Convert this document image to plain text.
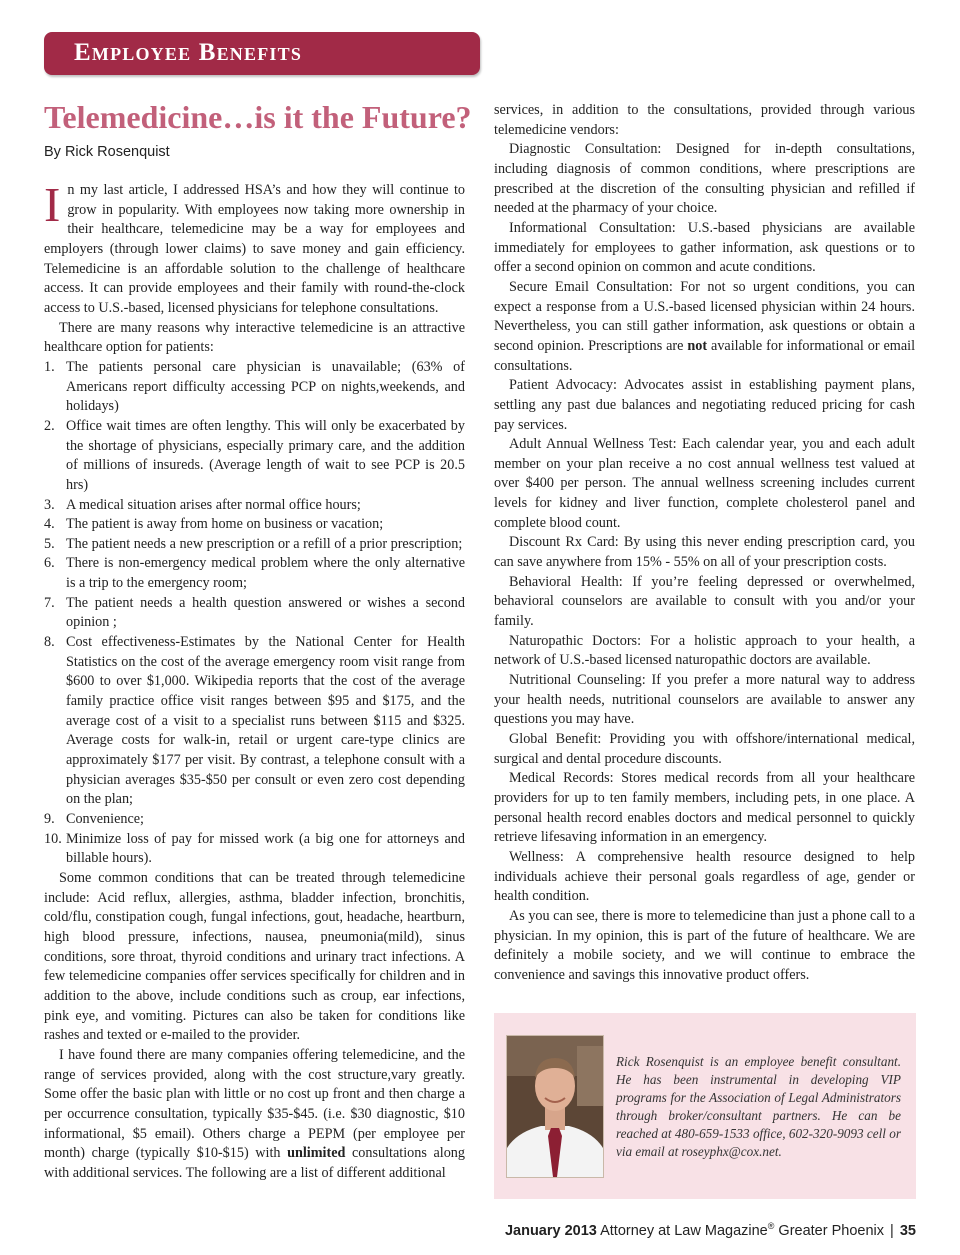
Employee Benefits
Telemedicine…is it the Future?
By Rick Rosenquist

In my last article, I addressed HSA’s and how they will continue to grow in popularity. With employees now taking more ownership in their healthcare, telemedicine may be a way for employees and employers (through lower claims) to save money and gain efficiency. Telemedicine is an affordable solution to the challenge of healthcare access. It can provide employees and their family with round-the-clock access to U.S.-based, licensed physicians for telephone consultations.

There are many reasons why interactive telemedicine is an attractive healthcare option for patients:

1. The patients personal care physician is unavailable; (63% of Americans report difficulty accessing PCP on nights,weekends, and holidays)
2. Office wait times are often lengthy. This will only be exacerbated by the shortage of physicians, especially primary care, and the addition of millions of insureds. (Average length of wait to see PCP is 20.5 hrs)
3. A medical situation arises after normal office hours;
4. The patient is away from home on business or vacation;
5. The patient needs a new prescription or a refill of a prior prescription;
6. There is non-emergency medical problem where the only alternative is a trip to the emergency room;
7. The patient needs a health question answered or wishes a second opinion ;
8. Cost effectiveness-Estimates by the National Center for Health Statistics on the cost of the average emergency room visit range from $600 to over $1,000. Wikipedia reports that the cost of the average family practice office visit ranges between $95 and $175, and the average cost of a visit to a specialist runs between $115 and $325. Average costs for walk-in, retail or urgent care-type clinics are approximately $177 per visit. By contrast, a telephone consult with a physician averages $35-$50 per consult or even zero cost depending on the plan;
9. Convenience;
10. Minimize loss of pay for missed work (a big one for attorneys and billable hours).

Some common conditions that can be treated through telemedicine include: Acid reflux, allergies, asthma, bladder infection, bronchitis, cold/flu, constipation cough, fungal infections, gout, headache, heartburn, high blood pressure, infections, nausea, pneumonia(mild), sinus conditions, sore throat, thyroid conditions and urinary tract infections. A few telemedicine companies offer services specifically for children and in addition to the above, include conditions such as croup, ear infections, pink eye, and vomiting. Pictures can also be taken for conditions like rashes and texted or e-mailed to the provider.

I have found there are many companies offering telemedicine, and the range of services provided, along with the cost structure,vary greatly. Some offer the basic plan with little or no cost up front and then charge a per occurrence consultation, typically $35-$45. (i.e. $30 diagnostic, $10 informational, $5 email). Others charge a PEPM (per employee per month) charge (typically $10-$15) with unlimited consultations along with additional services. The following are a list of different additional

services, in addition to the consultations, provided through various telemedicine vendors:

Diagnostic Consultation: Designed for in-depth consultations, including diagnosis of common conditions, where prescriptions are prescribed at the discretion of the consulting physician and refilled if needed at the pharmacy of your choice.

Informational Consultation: U.S.-based physicians are available immediately for employees to gather information, ask questions or to offer a second opinion on common and acute conditions.

Secure Email Consultation: For not so urgent conditions, you can expect a response from a U.S.-based licensed physician within 24 hours. Nevertheless, you can still gather information, ask questions or obtain a second opinion. Prescriptions are not available for informational or email consultations.

Patient Advocacy: Advocates assist in establishing payment plans, settling any past due balances and negotiating reduced pricing for cash pay services.

Adult Annual Wellness Test: Each calendar year, you and each adult member on your plan receive a no cost annual wellness test valued at over $400 per person. The annual wellness screening includes current levels for kidney and liver function, complete cholesterol panel and complete blood count.

Discount Rx Card: By using this never ending prescription card, you can save anywhere from 15% - 55% on all of your prescription costs.

Behavioral Health: If you’re feeling depressed or overwhelmed, behavioral counselors are available to consult with you and/or your family.

Naturopathic Doctors: For a holistic approach to your health, a network of U.S.-based licensed naturopathic doctors are available.

Nutritional Counseling: If you prefer a more natural way to address your health needs, nutritional counselors are available to answer any questions you may have.

Global Benefit: Providing you with offshore/international medical, surgical and dental procedure discounts.

Medical Records: Stores medical records from all your healthcare providers for up to ten family members, including pets, in one place. A personal health record enables doctors and medical personnel to quickly retrieve lifesaving information in an emergency.

Wellness: A comprehensive health resource designed to help individuals achieve their personal goals regardless of age, gender or health condition.

As you can see, there is more to telemedicine than just a phone call to a physician. In my opinion, this is part of the future of healthcare. We are definitely a mobile society, and we will continue to embrace the convenience and savings this innovative product offers.

Rick Rosenquist is an employee benefit consultant. He has been instrumental in developing VIP programs for the Association of Legal Administrators through broker/consultant partners. He can be reached at 480-659-1533 office, 602-320-9093 cell or via email at roseyphx@cox.net.
January 2013 Attorney at Law Magazine® Greater Phoenix | 35
